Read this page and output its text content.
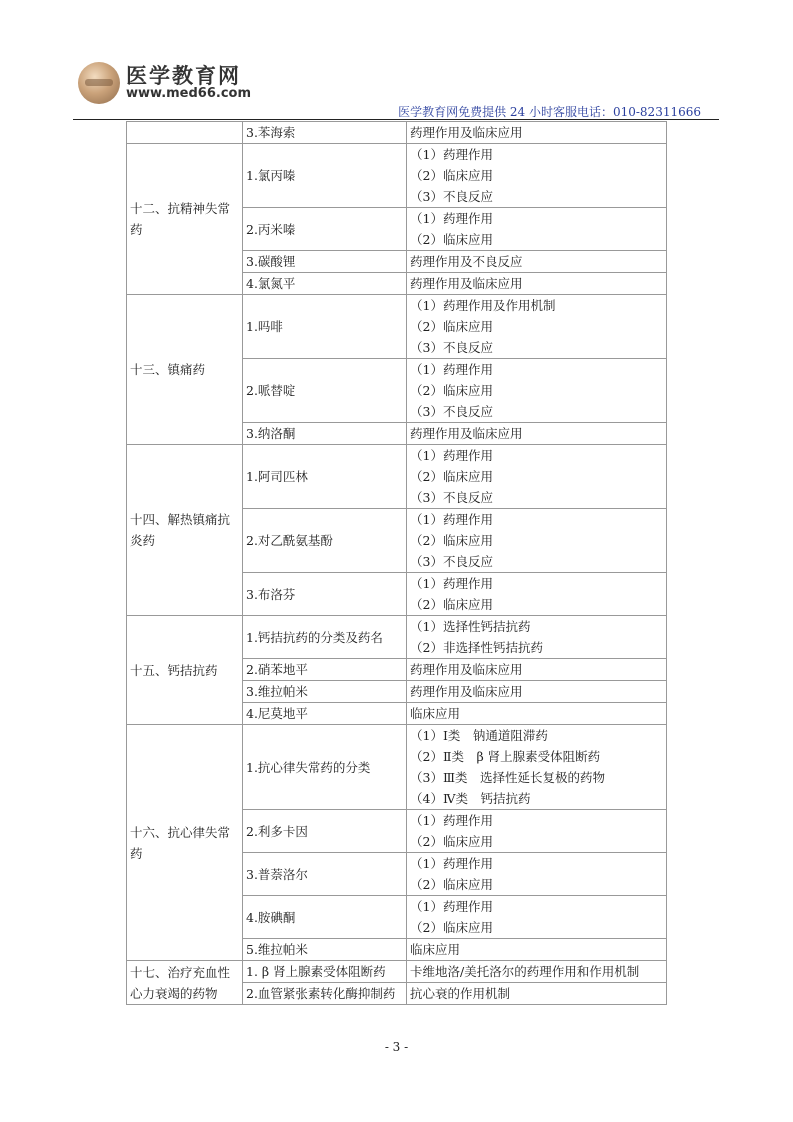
医学教育网
www.med66.com
医学教育网免费提供 24 小时客服电话：010-82311666
	3.苯海索	药理作用及临床应用

十二、抗精神失常药	1.氯丙嗪	（1）药理作用
（2）临床应用
（3）不良反应

	2.丙米嗪	（1）药理作用
（2）临床应用

	3.碳酸锂	药理作用及不良反应

	4.氯氮平	药理作用及临床应用

十三、镇痛药	1.吗啡	（1）药理作用及作用机制
（2）临床应用
（3）不良反应

	2.哌替啶	（1）药理作用
（2）临床应用
（3）不良反应

	3.纳洛酮	药理作用及临床应用

十四、解热镇痛抗炎药	1.阿司匹林	（1）药理作用
（2）临床应用
（3）不良反应

	2.对乙酰氨基酚	（1）药理作用
（2）临床应用
（3）不良反应

	3.布洛芬	（1）药理作用
（2）临床应用

十五、钙拮抗药	1.钙拮抗药的分类及药名	（1）选择性钙拮抗药
（2）非选择性钙拮抗药

	2.硝苯地平	药理作用及临床应用

	3.维拉帕米	药理作用及临床应用

	4.尼莫地平	临床应用

十六、抗心律失常药	1.抗心律失常药的分类	（1）Ⅰ类　钠通道阻滞药
（2）Ⅱ类　β 肾上腺素受体阻断药
（3）Ⅲ类　选择性延长复极的药物
（4）Ⅳ类　钙拮抗药

	2.利多卡因	（1）药理作用
（2）临床应用

	3.普萘洛尔	（1）药理作用
（2）临床应用

	4.胺碘酮	（1）药理作用
（2）临床应用

	5.维拉帕米	临床应用

十七、治疗充血性心力衰竭的药物	1. β 肾上腺素受体阻断药	卡维地洛/美托洛尔的药理作用和作用机制

	2.血管紧张素转化酶抑制药	抗心衰的作用机制
- 3 -
